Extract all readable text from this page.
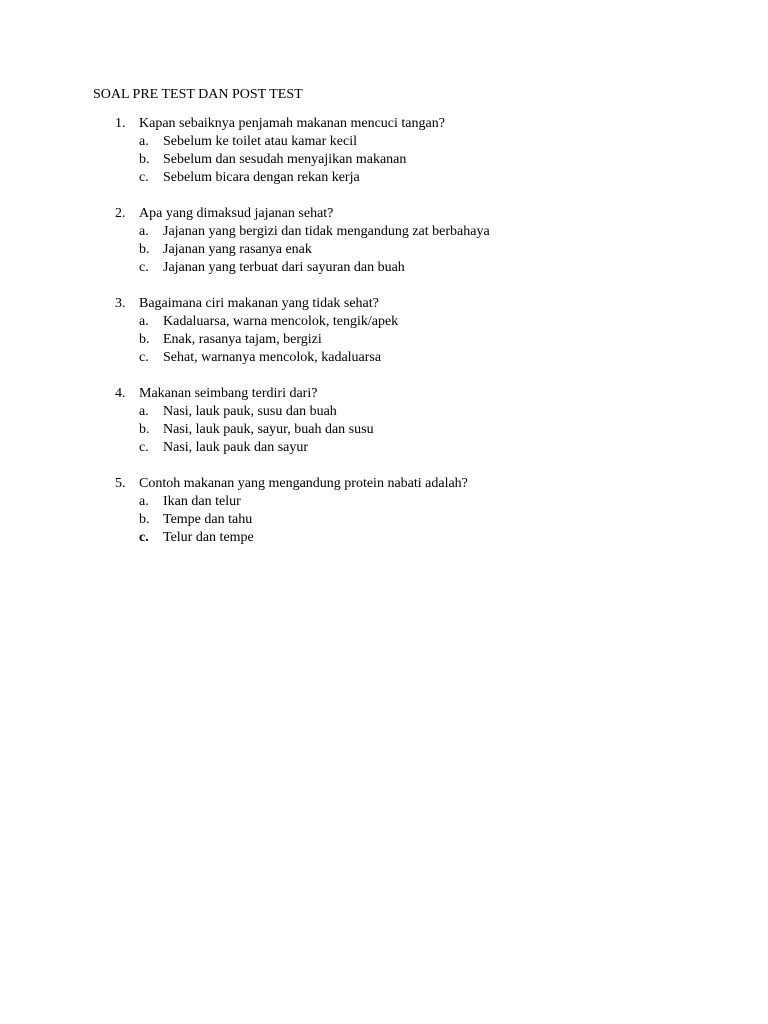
SOAL PRE TEST DAN POST TEST
1. Kapan sebaiknya penjamah makanan mencuci tangan?
a. Sebelum ke toilet atau kamar kecil
b. Sebelum dan sesudah menyajikan makanan
c. Sebelum bicara dengan rekan kerja
2. Apa yang dimaksud jajanan sehat?
a. Jajanan yang bergizi dan tidak mengandung zat berbahaya
b. Jajanan yang rasanya enak
c. Jajanan yang terbuat dari sayuran dan buah
3. Bagaimana ciri makanan yang tidak sehat?
a. Kadaluarsa, warna mencolok, tengik/apek
b. Enak, rasanya tajam, bergizi
c. Sehat, warnanya mencolok, kadaluarsa
4. Makanan seimbang terdiri dari?
a. Nasi, lauk pauk, susu dan buah
b. Nasi, lauk pauk, sayur, buah dan susu
c. Nasi, lauk pauk dan sayur
5. Contoh makanan yang mengandung protein nabati adalah?
a. Ikan dan telur
b. Tempe dan tahu
c. Telur dan tempe
